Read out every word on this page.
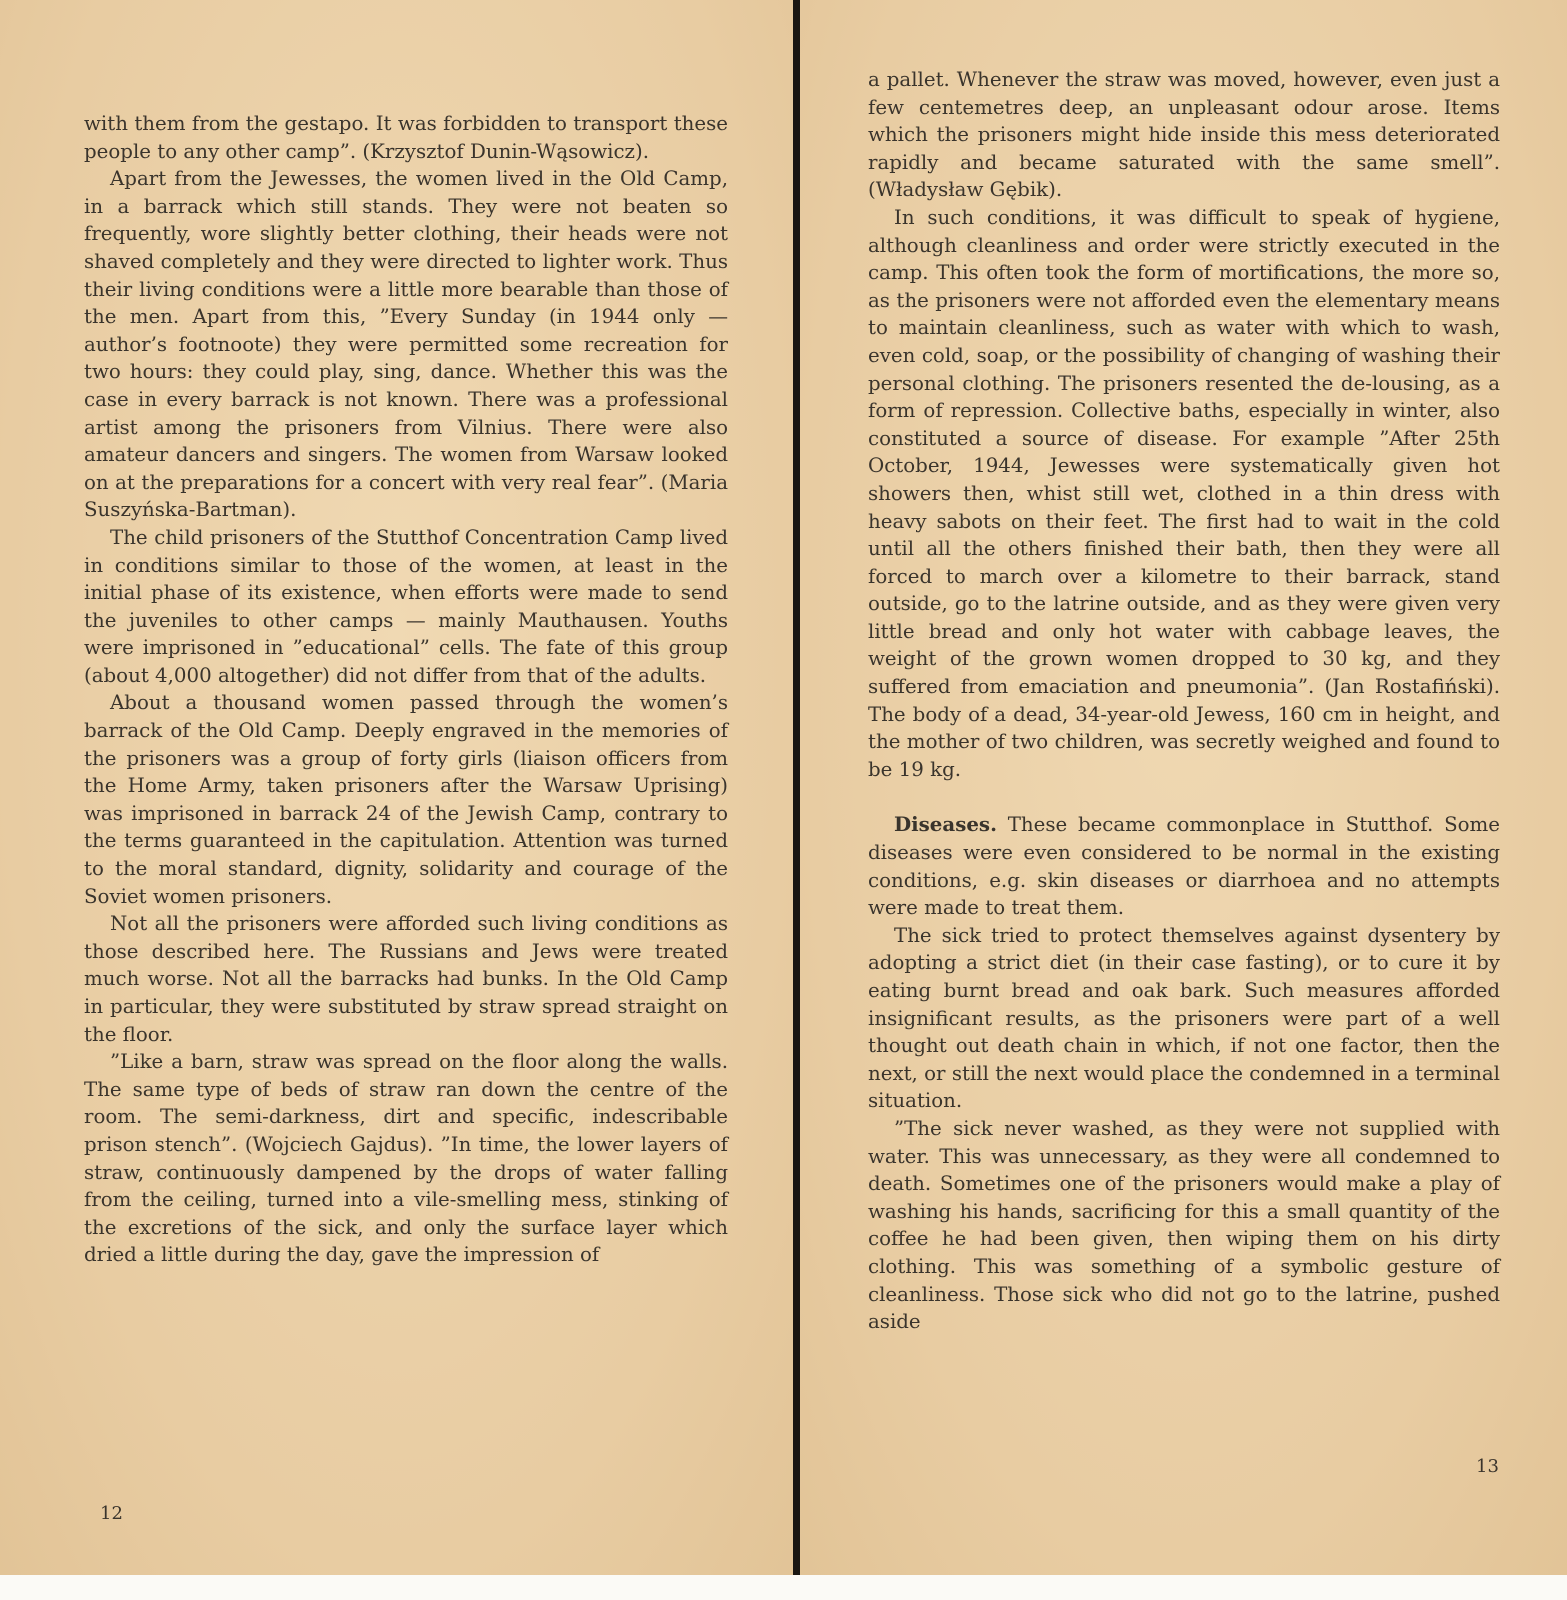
12
13

with them from the gestapo. It was forbidden to transport these people to any other camp”. (Krzysztof Dunin-Wąsowicz).

Apart from the Jewesses, the women lived in the Old Camp, in a barrack which still stands. They were not beaten so frequently, wore slightly better clothing, their heads were not shaved completely and they were directed to lighter work. Thus their living conditions were a little more bearable than those of the men. Apart from this, ”Every Sunday (in 1944 only — author’s footnoote) they were permitted some recreation for two hours: they could play, sing, dance. Whether this was the case in every barrack is not known. There was a professional artist among the prisoners from Vilnius. There were also amateur dancers and singers. The women from Warsaw looked on at the preparations for a concert with very real fear”. (Maria Suszyńska-Bartman).

The child prisoners of the Stutthof Concentration Camp lived in conditions similar to those of the women, at least in the initial phase of its existence, when efforts were made to send the juveniles to other camps — mainly Mauthausen. Youths were imprisoned in ”educational” cells. The fate of this group (about 4,000 altogether) did not differ from that of the adults.

About a thousand women passed through the women’s barrack of the Old Camp. Deeply engraved in the memories of the prisoners was a group of forty girls (liaison officers from the Home Army, taken prisoners after the Warsaw Uprising) was imprisoned in barrack 24 of the Jewish Camp, contrary to the terms guaranteed in the capitulation. Attention was turned to the moral standard, dignity, solidarity and courage of the Soviet women prisoners.

Not all the prisoners were afforded such living conditions as those described here. The Russians and Jews were treated much worse. Not all the barracks had bunks. In the Old Camp in particular, they were substituted by straw spread straight on the floor.

”Like a barn, straw was spread on the floor along the walls. The same type of beds of straw ran down the centre of the room. The semi-darkness, dirt and specific, indescribable prison stench”. (Wojciech Gajdus). ”In time, the lower layers of straw, continuously dampened by the drops of water falling from the ceiling, turned into a vile-smelling mess, stinking of the excretions of the sick, and only the surface layer which dried a little during the day, gave the impression of

a pallet. Whenever the straw was moved, however, even just a few centemetres deep, an unpleasant odour arose. Items which the prisoners might hide inside this mess deteriorated rapidly and became saturated with the same smell”. (Władysław Gębik).

In such conditions, it was difficult to speak of hygiene, although cleanliness and order were strictly executed in the camp. This often took the form of mortifications, the more so, as the prisoners were not afforded even the elementary means to maintain cleanliness, such as water with which to wash, even cold, soap, or the possibility of changing of washing their personal clothing. The prisoners resented the de-lousing, as a form of repression. Collective baths, especially in winter, also constituted a source of disease. For example ”After 25th October, 1944, Jewesses were systematically given hot showers then, whist still wet, clothed in a thin dress with heavy sabots on their feet. The first had to wait in the cold until all the others finished their bath, then they were all forced to march over a kilometre to their barrack, stand outside, go to the latrine outside, and as they were given very little bread and only hot water with cabbage leaves, the weight of the grown women dropped to 30 kg, and they suffered from emaciation and pneumonia”. (Jan Rostafiński). The body of a dead, 34-year-old Jewess, 160 cm in height, and the mother of two children, was secretly weighed and found to be 19 kg.

Diseases. These became commonplace in Stutthof. Some diseases were even considered to be normal in the existing conditions, e.g. skin diseases or diarrhoea and no attempts were made to treat them.

The sick tried to protect themselves against dysentery by adopting a strict diet (in their case fasting), or to cure it by eating burnt bread and oak bark. Such measures afforded insignificant results, as the prisoners were part of a well thought out death chain in which, if not one factor, then the next, or still the next would place the condemned in a terminal situation.

”The sick never washed, as they were not supplied with water. This was unnecessary, as they were all condemned to death. Sometimes one of the prisoners would make a play of washing his hands, sacrificing for this a small quantity of the coffee he had been given, then wiping them on his dirty clothing. This was something of a symbolic gesture of cleanliness. Those sick who did not go to the latrine, pushed aside
